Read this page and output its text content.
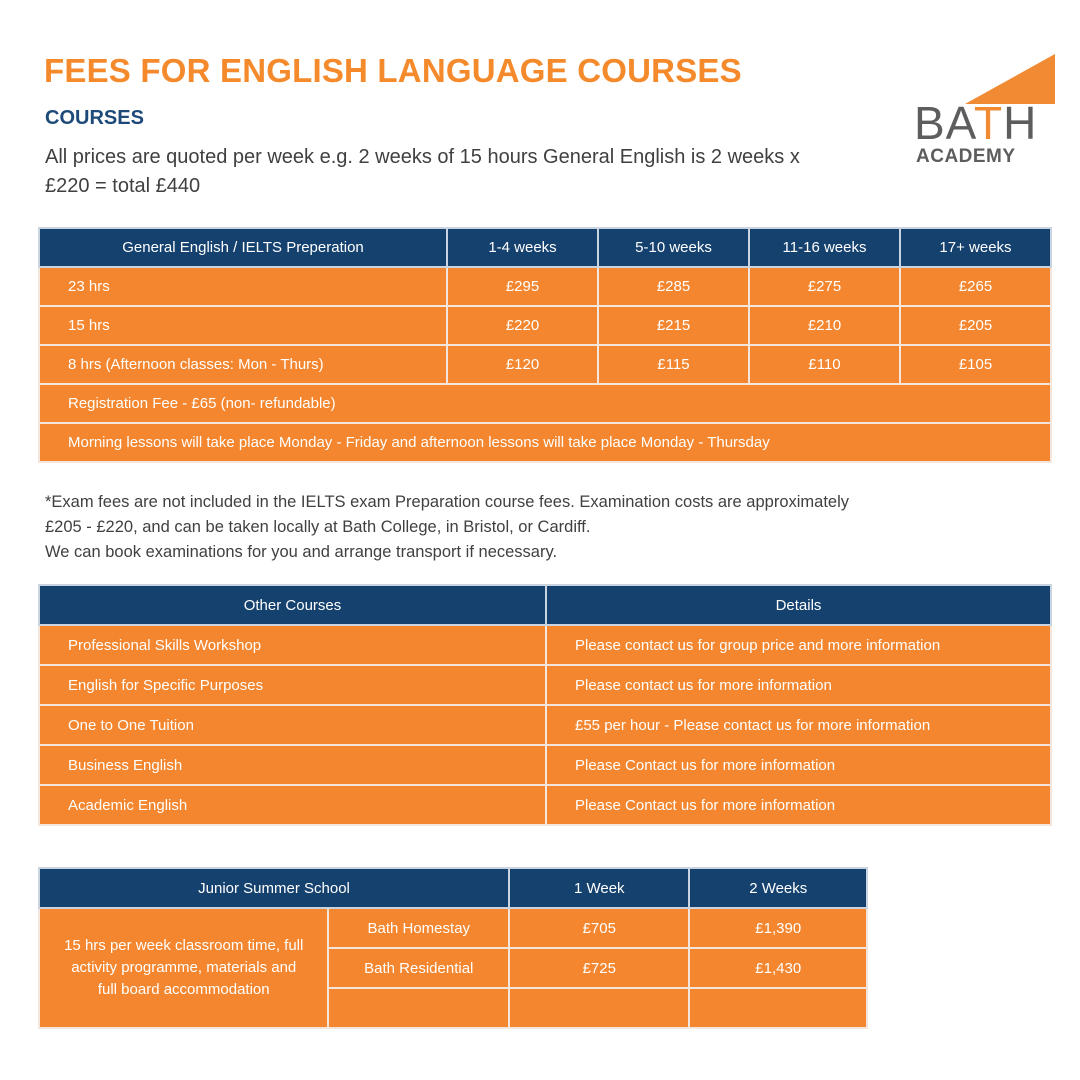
FEES FOR ENGLISH LANGUAGE COURSES
COURSES

All prices are quoted per week e.g. 2 weeks of 15 hours General English is 2 weeks x £220 = total £440

BATH
ACADEMY
General English / IELTS Preperation	1-4 weeks	5-10 weeks	11-16 weeks	17+ weeks
23 hrs	£295	£285	£275	£265
15 hrs	£220	£215	£210	£205
8 hrs (Afternoon classes: Mon - Thurs)	£120	£115	£110	£105
Registration Fee - £65 (non- refundable)				
Morning lessons will take place Monday - Friday and afternoon lessons will take place Monday - Thursday				
*Exam fees are not included in the IELTS exam Preparation course fees. Examination costs are approximately
£205 - £220, and can be taken locally at Bath College, in Bristol, or Cardiff.
We can book examinations for you and arrange transport if necessary.
Other Courses	Details
Professional Skills Workshop	Please contact us for group price and more information
English for Specific Purposes	Please contact us for more information
One to One Tuition	£55 per hour - Please contact us for more information
Business English	Please Contact us for more information
Academic English	Please Contact us for more information
Junior Summer School		1 Week	2 Weeks
15 hrs per week classroom time, full activity programme, materials and full board accommodation	Bath Homestay	£705	£1,390
	Bath Residential	£725	£1,430
